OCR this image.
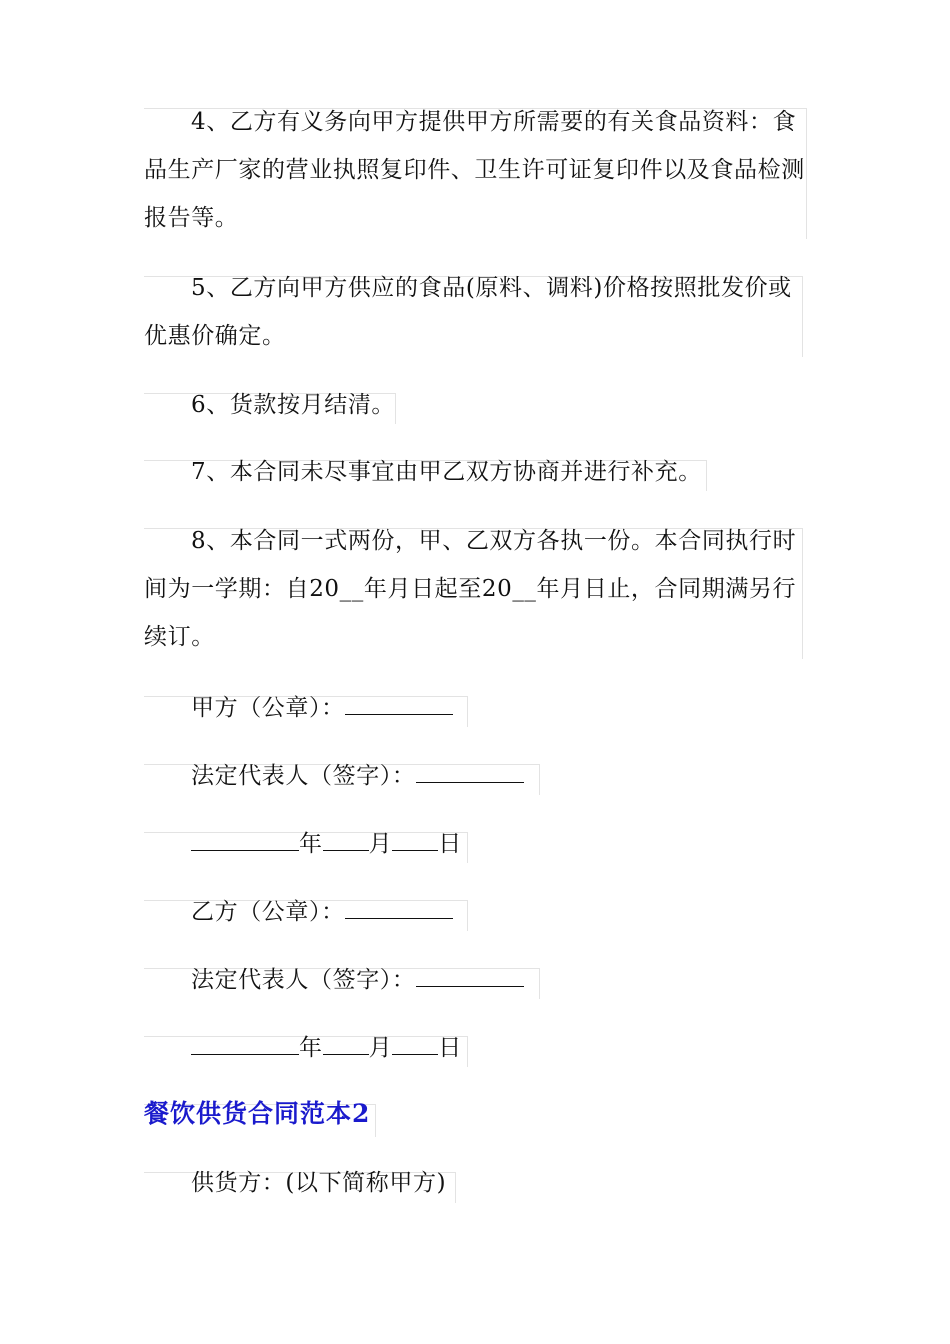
4、乙方有义务向甲方提供甲方所需要的有关食品资料：食品生产厂家的营业执照复印件、卫生许可证复印件以及食品检测报告等。

5、乙方向甲方供应的食品(原料、调料)价格按照批发价或优惠价确定。

6、货款按月结清。

7、本合同未尽事宜由甲乙双方协商并进行补充。

8、本合同一式两份，甲、乙双方各执一份。本合同执行时间为一学期：自20__年月日起至20__年月日止，合同期满另行续订。

甲方（公章）：

法定代表人（签字）：

年 月 日

乙方（公章）：

法定代表人（签字）：

年 月 日

餐饮供货合同范本2

供货方：(以下简称甲方)
